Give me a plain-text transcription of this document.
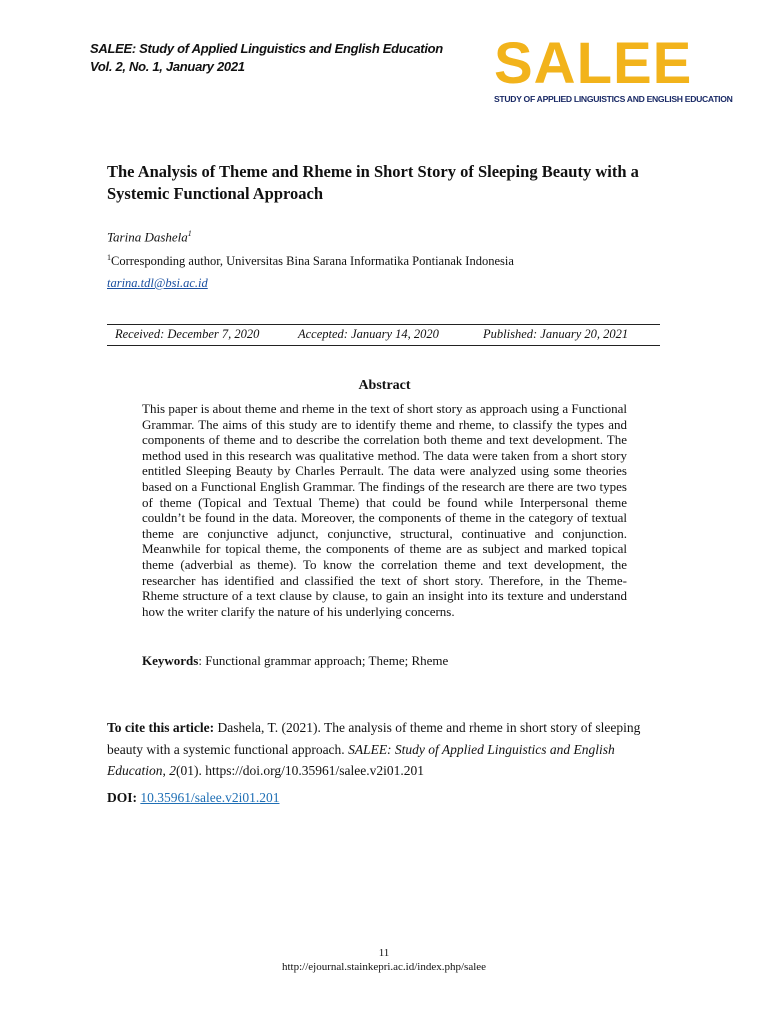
SALEE: Study of Applied Linguistics and English Education
Vol. 2, No. 1, January 2021	SALEE
STUDY OF APPLIED LINGUISTICS AND ENGLISH EDUCATION
The Analysis of Theme and Rheme in Short Story of Sleeping Beauty with a Systemic Functional Approach
Tarina Dashela$^1$
$^1$Corresponding author, Universitas Bina Sarana Informatika Pontianak Indonesia
tarina.tdl@bsi.ac.id
Received: December 7, 2020	Accepted: January 14, 2020	Published: January 20, 2021
Abstract

This paper is about theme and rheme in the text of short story as approach using a Functional Grammar. The aims of this study are to identify theme and rheme, to classify the types and components of theme and to describe the correlation both theme and text development. The method used in this research was qualitative method. The data were taken from a short story entitled Sleeping Beauty by Charles Perrault. The data were analyzed using some theories based on a Functional English Grammar. The findings of the research are there are two types of theme (Topical and Textual Theme) that could be found while Interpersonal theme couldn’t be found in the data. Moreover, the components of theme in the category of textual theme are conjunctive adjunct, conjunctive, structural, continuative and conjunction. Meanwhile for topical theme, the components of theme are as subject and marked topical theme (adverbial as theme). To know the correlation theme and text development, the researcher has identified and classified the text of short story. Therefore, in the Theme-Rheme structure of a text clause by clause, to gain an insight into its texture and understand how the writer clarify the nature of his underlying concerns.

Keywords: Functional grammar approach; Theme; Rheme

To cite this article: Dashela, T. (2021). The analysis of theme and rheme in short story of sleeping beauty with a systemic functional approach. SALEE: Study of Applied Linguistics and English Education, 2(01). https://doi.org/10.35961/salee.v2i01.201

DOI: 10.35961/salee.v2i01.201
11
http://ejournal.stainkepri.ac.id/index.php/salee
